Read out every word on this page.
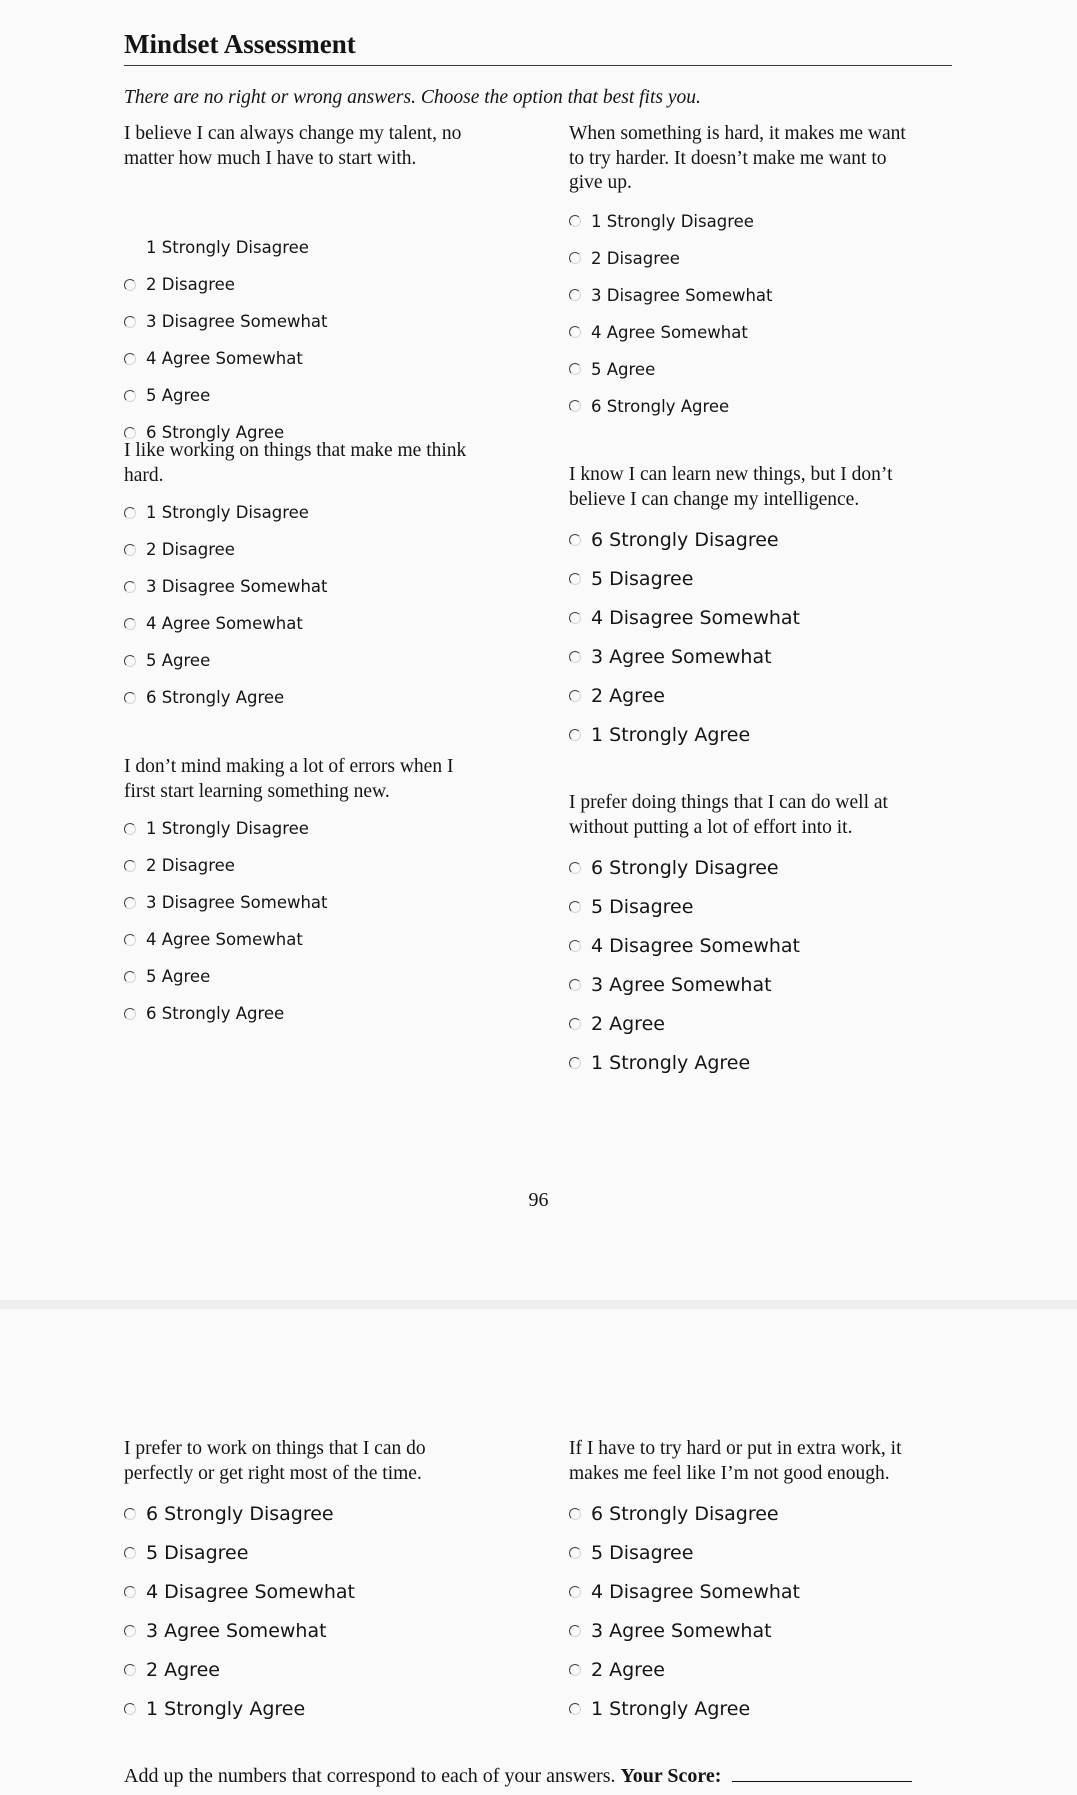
Mindset Assessment

There are no right or wrong answers. Choose the option that best fits you.

I believe I can always change my talent, no
matter how much I have to start with.

1 Strongly Disagree
2 Disagree
3 Disagree Somewhat
4 Agree Somewhat
5 Agree
6 Strongly Agree

When something is hard, it makes me want
to try harder. It doesn’t make me want to
give up.

1 Strongly Disagree
2 Disagree
3 Disagree Somewhat
4 Agree Somewhat
5 Agree
6 Strongly Agree

I like working on things that make me think
hard.

1 Strongly Disagree
2 Disagree
3 Disagree Somewhat
4 Agree Somewhat
5 Agree
6 Strongly Agree

I know I can learn new things, but I don’t
believe I can change my intelligence.

6 Strongly Disagree
5 Disagree
4 Disagree Somewhat
3 Agree Somewhat
2 Agree
1 Strongly Agree

I don’t mind making a lot of errors when I
first start learning something new.

1 Strongly Disagree
2 Disagree
3 Disagree Somewhat
4 Agree Somewhat
5 Agree
6 Strongly Agree

I prefer doing things that I can do well at
without putting a lot of effort into it.

6 Strongly Disagree
5 Disagree
4 Disagree Somewhat
3 Agree Somewhat
2 Agree
1 Strongly Agree

96

I prefer to work on things that I can do
perfectly or get right most of the time.

6 Strongly Disagree
5 Disagree
4 Disagree Somewhat
3 Agree Somewhat
2 Agree
1 Strongly Agree

If I have to try hard or put in extra work, it
makes me feel like I’m not good enough.

6 Strongly Disagree
5 Disagree
4 Disagree Somewhat
3 Agree Somewhat
2 Agree
1 Strongly Agree

Add up the numbers that correspond to each of your answers. Your Score:
